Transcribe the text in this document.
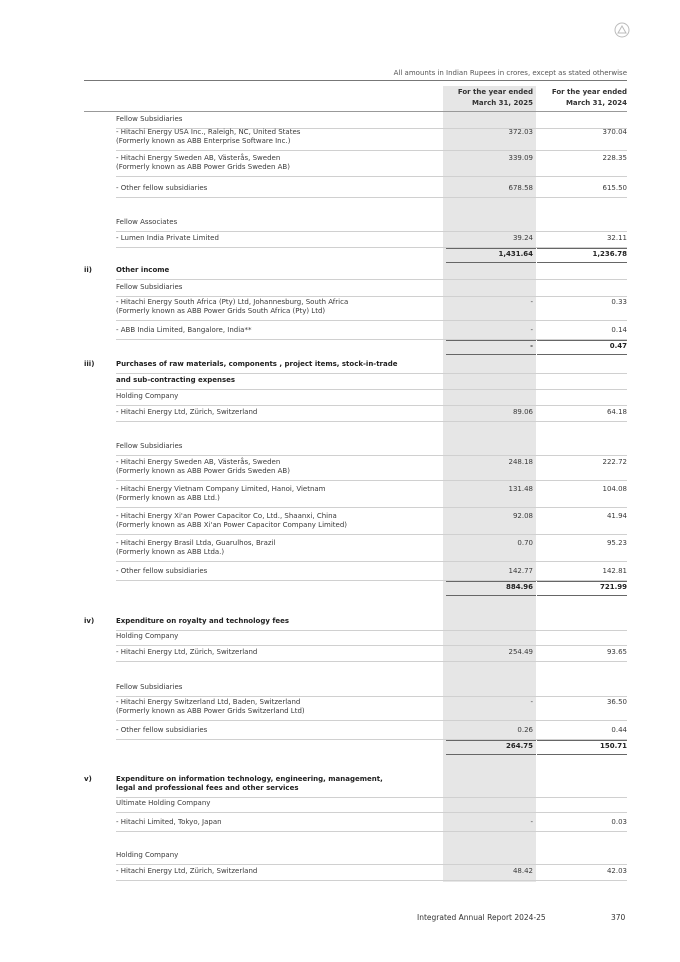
All amounts in Indian Rupees in crores, except as stated otherwise
For the year ended
March 31, 2025
For the year ended
March 31, 2024
Fellow Subsidiaries
- Hitachi Energy USA Inc., Raleigh, NC, United States
(Formerly known as ABB Enterprise Software Inc.)
372.03	370.04
- Hitachi Energy Sweden AB, Västerås, Sweden
(Formerly known as ABB Power Grids Sweden AB)
339.09	228.35
- Other fellow subsidiaries	678.58	615.50
Fellow Associates
- Lumen India Private Limited	39.24	32.11
1,431.64	1,236.78
ii)	Other income
Fellow Subsidiaries
- Hitachi Energy South Africa (Pty) Ltd, Johannesburg, South Africa
(Formerly known as ABB Power Grids South Africa (Pty) Ltd)
-	0.33
- ABB India Limited, Bangalore, India**	-	0.14
-	0.47
iii)	Purchases of raw materials, components , project items, stock-in-trade
and sub-contracting expenses
Holding Company
- Hitachi Energy Ltd, Zürich, Switzerland	89.06	64.18
Fellow Subsidiaries
- Hitachi Energy Sweden AB, Västerås, Sweden
(Formerly known as ABB Power Grids Sweden AB)
248.18	222.72
- Hitachi Energy Vietnam Company Limited, Hanoi, Vietnam
(Formerly known as ABB Ltd.)
131.48	104.08
- Hitachi Energy Xi'an Power Capacitor Co, Ltd., Shaanxi, China
(Formerly known as ABB Xi'an Power Capacitor Company Limited)
92.08	41.94
- Hitachi Energy Brasil Ltda, Guarulhos, Brazil
(Formerly known as ABB Ltda.)
0.70	95.23
- Other fellow subsidiaries	142.77	142.81
884.96	721.99
iv)	Expenditure on royalty and technology fees
Holding Company
- Hitachi Energy Ltd, Zürich, Switzerland	254.49	93.65
Fellow Subsidiaries
- Hitachi Energy Switzerland Ltd, Baden, Switzerland
(Formerly known as ABB Power Grids Switzerland Ltd)
-	36.50
- Other fellow subsidiaries	0.26	0.44
264.75	150.71
v)	Expenditure on information technology, engineering, management,
legal and professional fees and other services
Ultimate Holding Company
- Hitachi Limited, Tokyo, Japan	-	0.03
Holding Company
- Hitachi Energy Ltd, Zürich, Switzerland	48.42	42.03
Integrated Annual Report 2024-25	370
